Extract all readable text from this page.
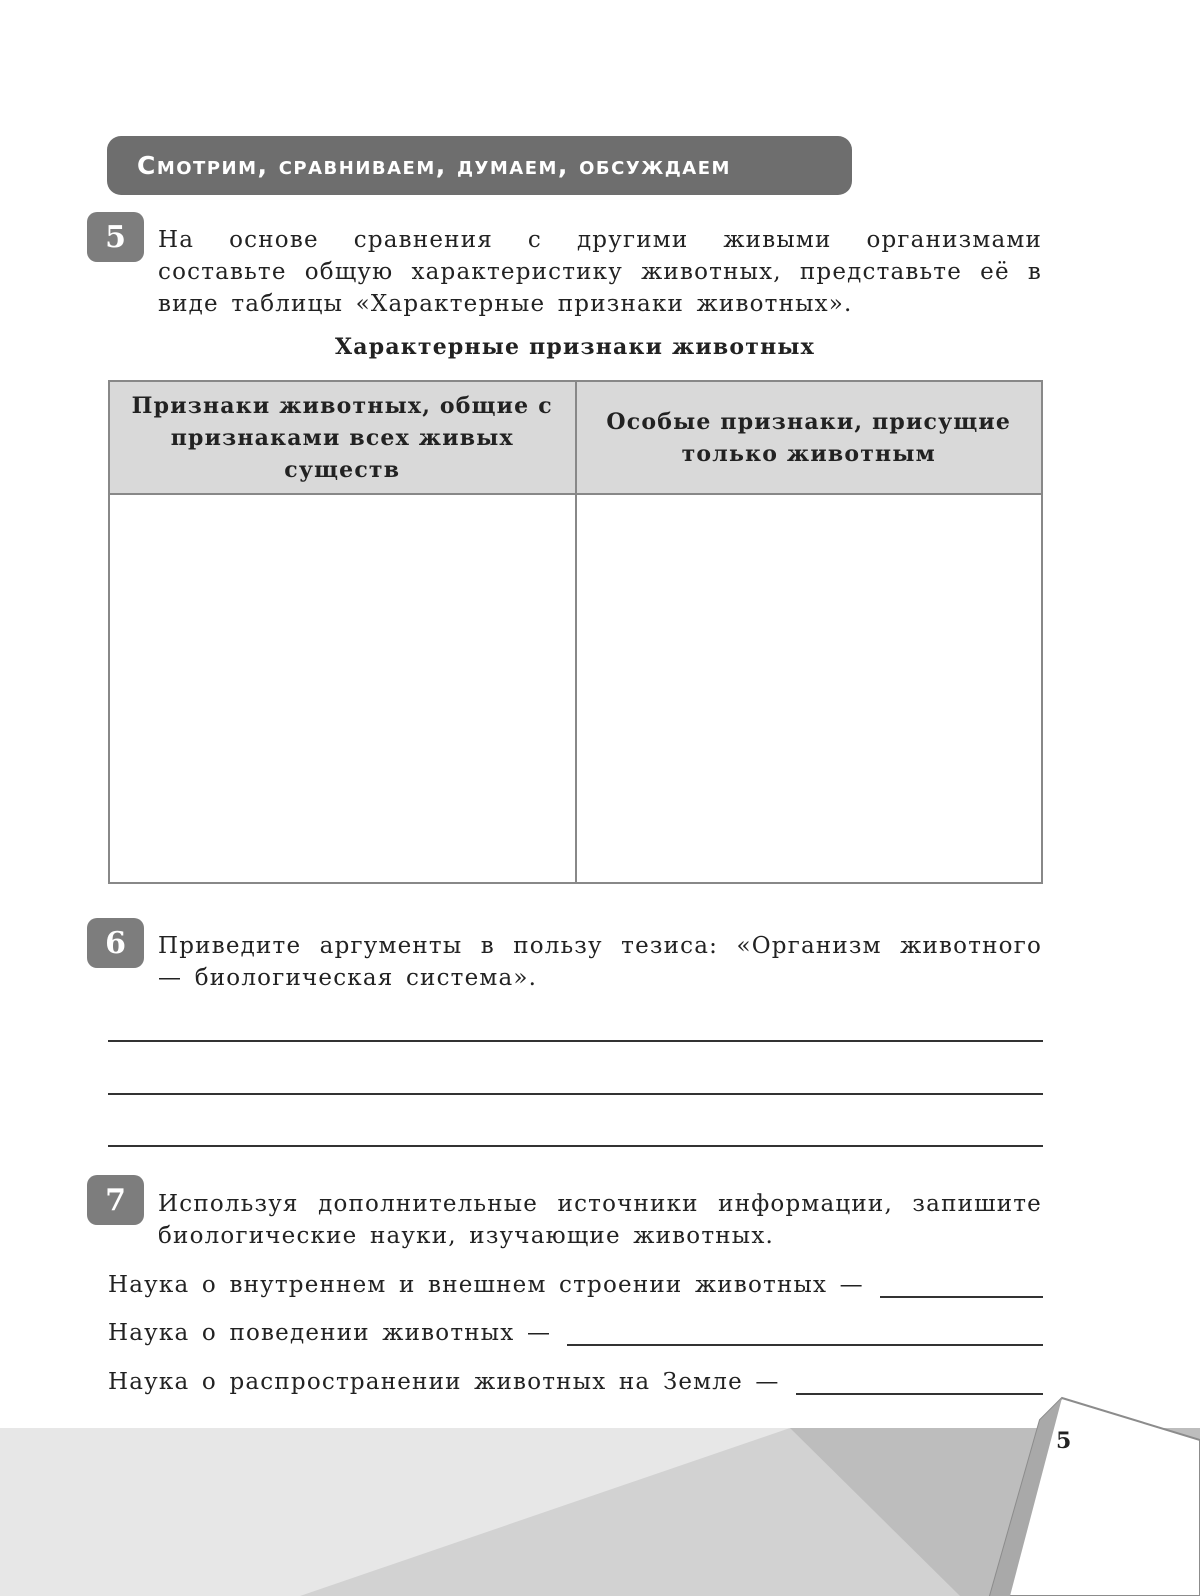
Смотрим, сравниваем, думаем, обсуждаем
5	На основе сравнения с другими живыми организмами составьте общую характеристику животных, представьте её в виде таблицы «Характерные признаки животных».
Характерные признаки животных
Признаки животных, общие с признаками всех живых существ	Особые признаки, присущие только животным

6	Приведите аргументы в пользу тезиса: «Организм животного — биологическая система».
7	Используя дополнительные источники информации, запишите биологические науки, изучающие животных.
Наука о внутреннем и внешнем строении животных —
Наука о поведении животных —
Наука о распространении животных на Земле —
5
